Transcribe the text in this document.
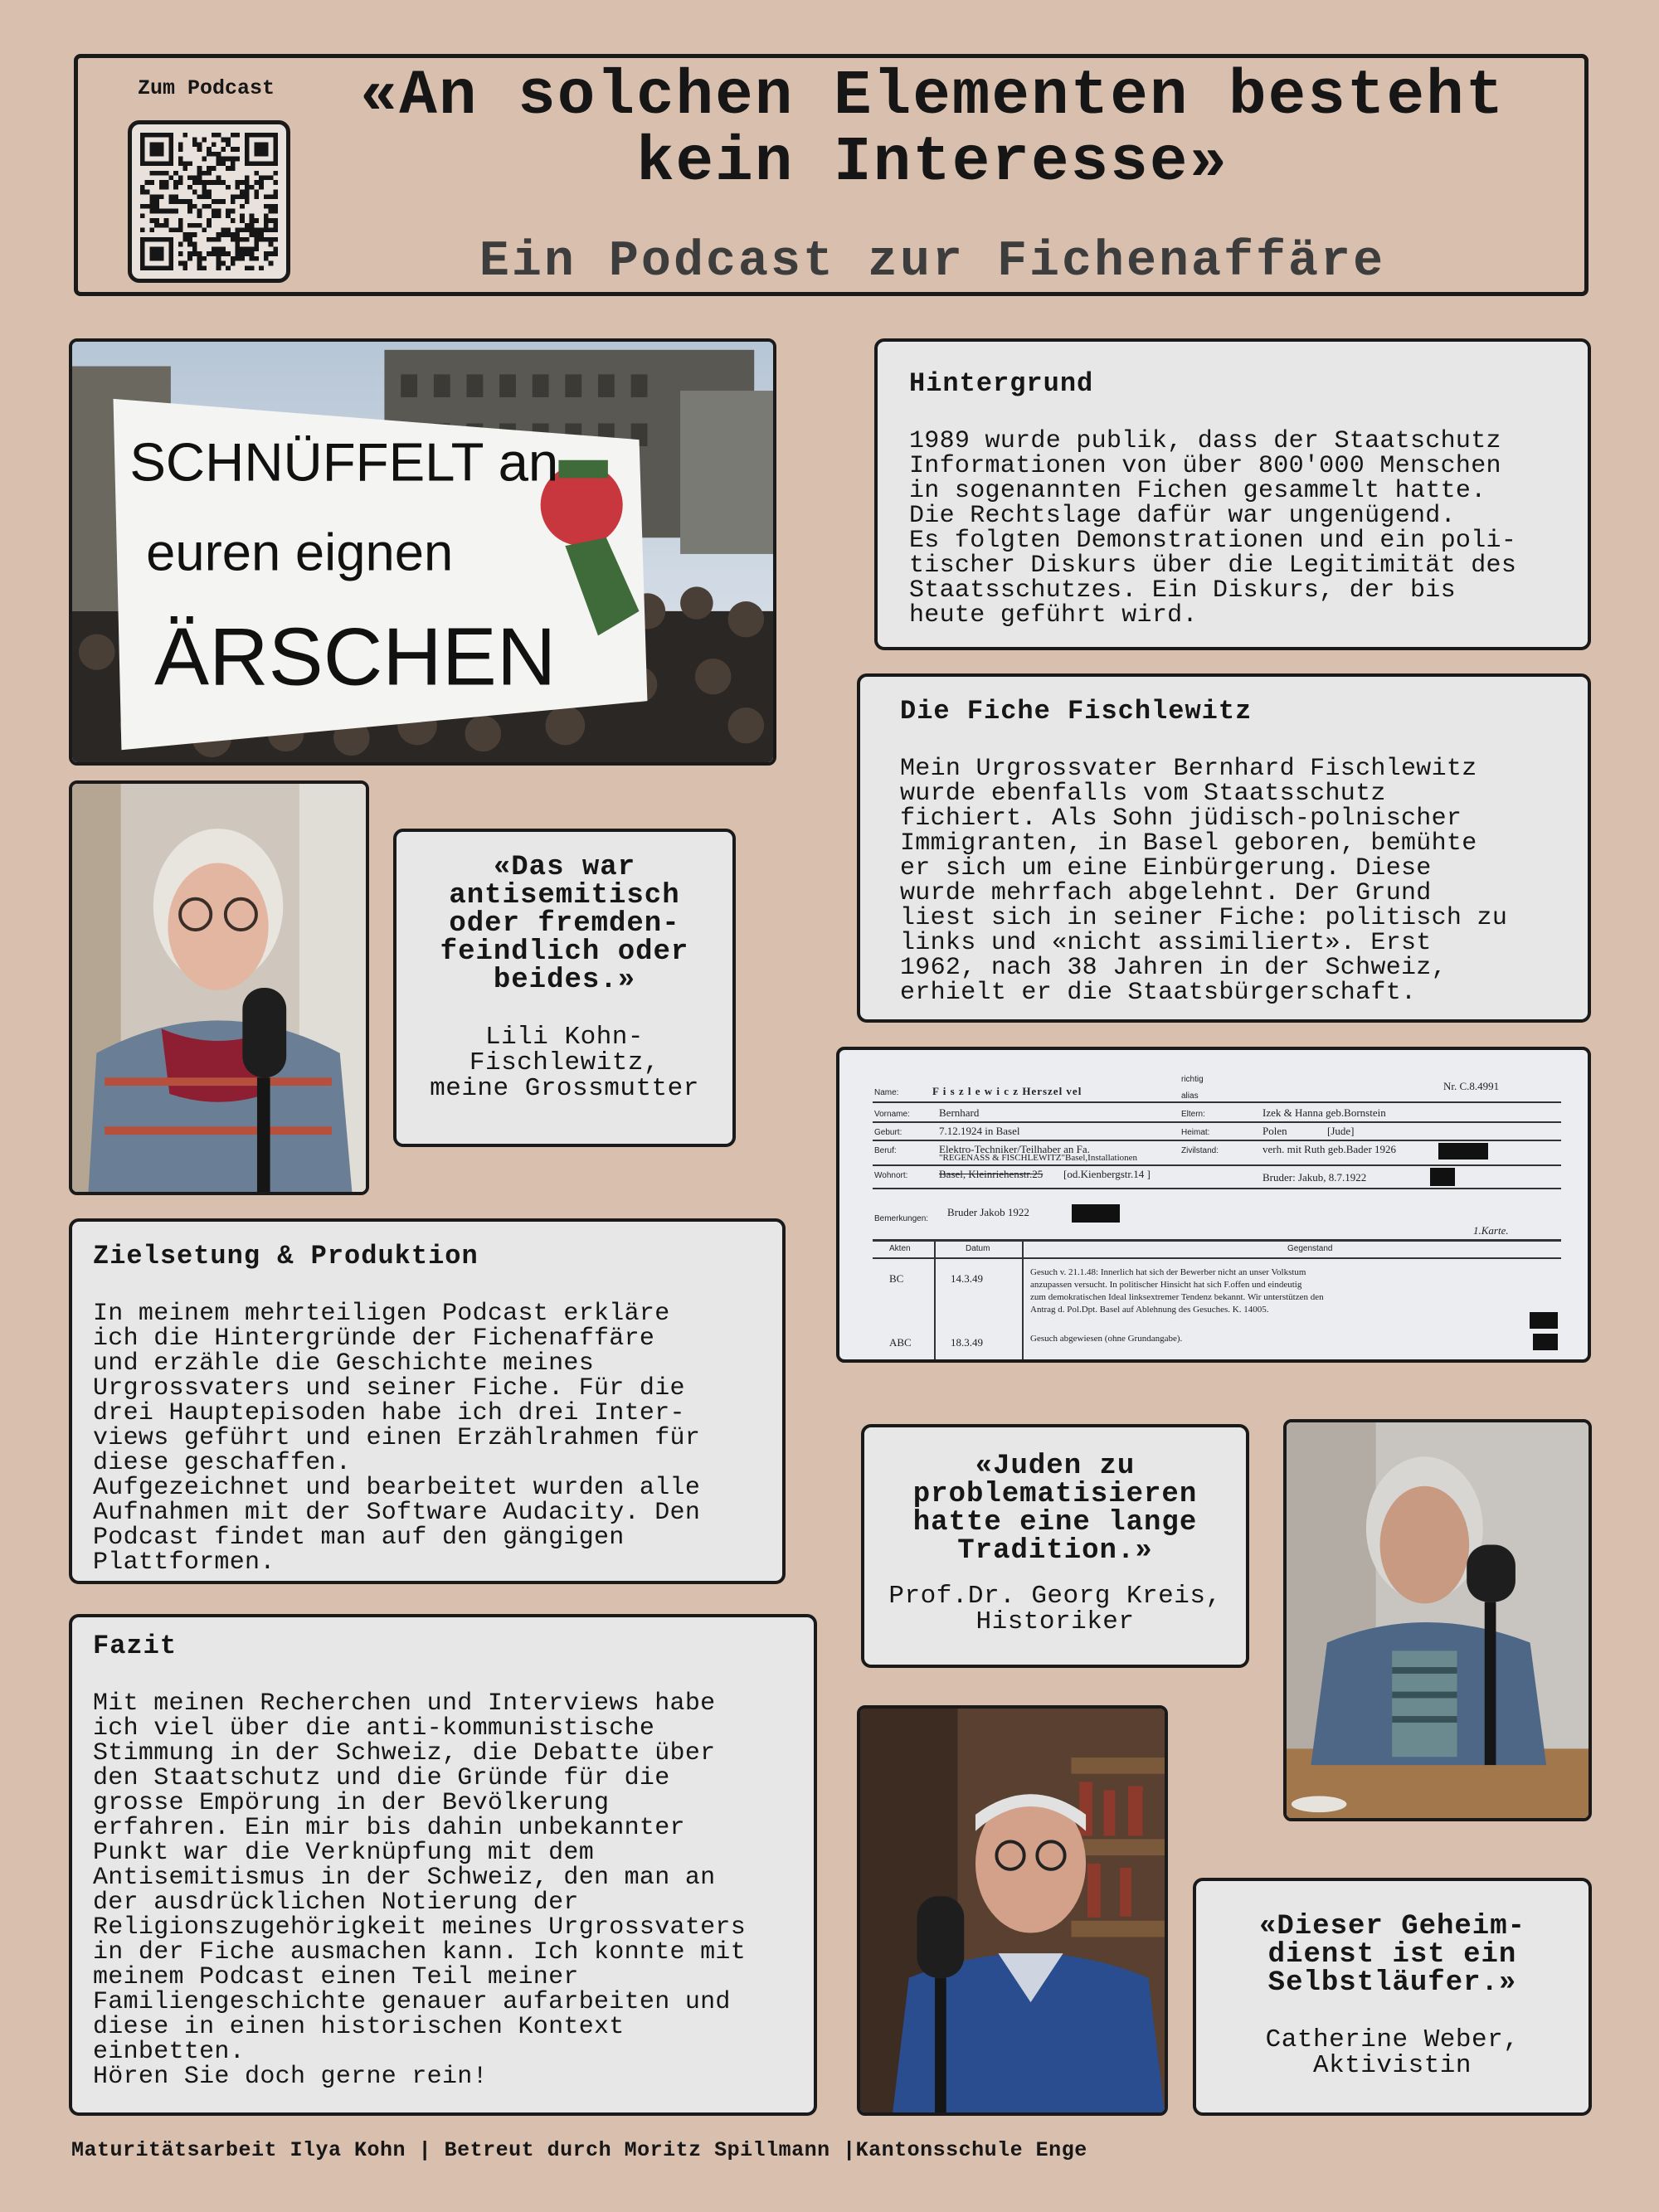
Zum Podcast «An solchen Elementen besteht
kein Interesse»
Ein Podcast zur Fichenaffäre
SCHNÜFFELT an
euren eignen
ÄRSCHEN
«Das war
antisemitisch
oder fremden-
feindlich oder
beides.»
Lili Kohn-
Fischlewitz,
meine Grossmutter
Hintergrund
1989 wurde publik, dass der Staatschutz
Informationen von über 800'000 Menschen
in sogenannten Fichen gesammelt hatte.
Die Rechtslage dafür war ungenügend.
Es folgten Demonstrationen und ein poli-
tischer Diskurs über die Legitimität des
Staatsschutzes. Ein Diskurs, der bis
heute geführt wird.
Die Fiche Fischlewitz
Mein Urgrossvater Bernhard Fischlewitz
wurde ebenfalls vom Staatsschutz
fichiert. Als Sohn jüdisch-polnischer
Immigranten, in Basel geboren, bemühte
er sich um eine Einbürgerung. Diese
wurde mehrfach abgelehnt. Der Grund
liest sich in seiner Fiche: politisch zu
links und «nicht assimiliert». Erst
1962, nach 38 Jahren in der Schweiz,
erhielt er die Staatsbürgerschaft.
Name:	F i s z l e w i c z Herszel vel
richtig
alias
Nr. C.8.4991
Vorname:	Bernhard	Eltern:	Izek & Hanna geb.Bornstein
Geburt:	7.12.1924 in Basel	Heimat:	Polen	[Jude]
Beruf:	Elektro-Techniker/Teilhaber an Fa.
"REGENASS & FISCHLEWITZ"Basel,Installationen
Zivilstand:	verh. mit Ruth geb.Bader 1926
Wohnort:	Basel, Kleinriehenstr.25 [od.Kienbergstr.14 ]	Bruder: Jakub, 8.7.1922
Bemerkungen:
Bruder Jakob 1922
1.Karte.
Akten	Datum	Gegenstand
BC	14.3.49	Gesuch v. 21.1.48: Innerlich hat sich der Bewerber nicht an unser Volkstum
anzupassen versucht. In politischer Hinsicht hat sich F.offen und eindeutig
zum demokratischen Ideal linksextremer Tendenz bekannt. Wir unterstützen den
Antrag d. Pol.Dpt. Basel auf Ablehnung des Gesuches. K. 14005.
ABC	18.3.49	Gesuch abgewiesen (ohne Grundangabe).
Zielsetung & Produktion
In meinem mehrteiligen Podcast erkläre
ich die Hintergründe der Fichenaffäre
und erzähle die Geschichte meines
Urgrossvaters und seiner Fiche. Für die
drei Hauptepisoden habe ich drei Inter-
views geführt und einen Erzählrahmen für
diese geschaffen.
Aufgezeichnet und bearbeitet wurden alle
Aufnahmen mit der Software Audacity. Den
Podcast findet man auf den gängigen
Plattformen.
Fazit
Mit meinen Recherchen und Interviews habe
ich viel über die anti-kommunistische
Stimmung in der Schweiz, die Debatte über
den Staatschutz und die Gründe für die
grosse Empörung in der Bevölkerung
erfahren. Ein mir bis dahin unbekannter
Punkt war die Verknüpfung mit dem
Antisemitismus in der Schweiz, den man an
der ausdrücklichen Notierung der
Religionszugehörigkeit meines Urgrossvaters
in der Fiche ausmachen kann. Ich konnte mit
meinem Podcast einen Teil meiner
Familiengeschichte genauer aufarbeiten und
diese in einen historischen Kontext
einbetten.
Hören Sie doch gerne rein!
«Juden zu
problematisieren
hatte eine lange
Tradition.»
Prof.Dr. Georg Kreis,
Historiker
«Dieser Geheim-
dienst ist ein
Selbstläufer.»
Catherine Weber,
Aktivistin
Maturitätsarbeit Ilya Kohn | Betreut durch Moritz Spillmann |Kantonsschule Enge
